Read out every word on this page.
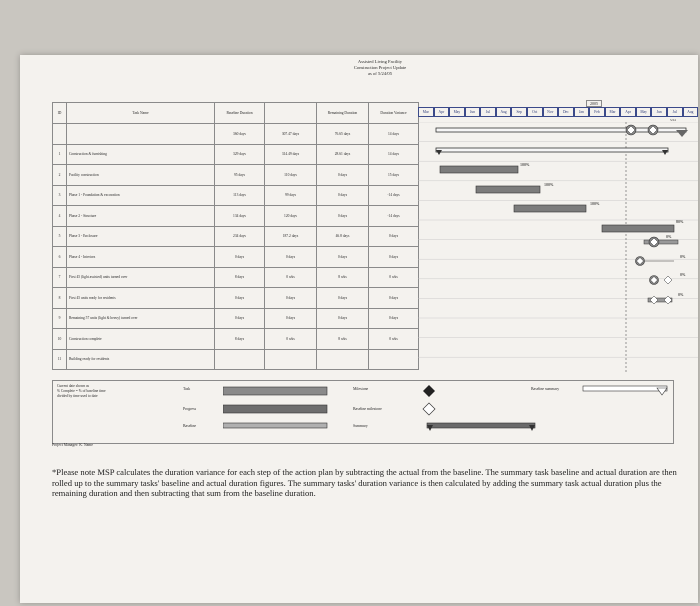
Assisted Living Facility
Construction Project Update
as of 5/24/05
ID	Task Name	Baseline Duration		Remaining Duration	Duration Variance
		360 days	307.47 days	76.65 days	14 days
1	Construction & furnishing	329 days	314.49 days	28.61 days	14 days
2	Facility construction	95 days	110 days	0 days	15 days
3	Phase 1 - Foundation & excavation	113 days	99 days	0 days	-14 days
4	Phase 2 - Structure	134 days	120 days	0 days	-14 days
5	Phase 3 - Enclosure	234 days	187.2 days	46.8 days	0 days
6	Phase 4 - Interiors	0 days	0 days	0 days	0 days
7	First 45 (light assisted) units turned over	8 days	0 wks	8 wks	0 wks
8	First 45 units ready for residents	0 days	0 days	0 days	0 days
9	Remaining 57 units (light & heavy) turned over	0 days	0 days	0 days	0 days
10	Construction complete	8 days	0 wks	8 wks	0 wks
11	Building ready for residents				
2005
Mar	Apr	May	Jun	Jul	Aug	Sep	Oct	Nov	Dec	Jan	Feb	Mar	Apr	May	Jun	Jul	Aug
5/24
100%
100%
100%
80%
0%
0%
0%
0%
Current date shown as
% Complete = % of baseline time
divided by time used to date
Task
Progress
Baseline
Milestone
Baseline milestone
Summary
Baseline summary
Project Manager: K. Name
*Please note MSP calculates the duration variance for each step of the action plan by subtracting the actual from the baseline. The summary task baseline and actual duration are then rolled up to the summary tasks' baseline and actual duration figures. The summary tasks' duration variance is then calculated by adding the summary task actual duration plus the remaining duration and then subtracting that sum from the baseline duration.
